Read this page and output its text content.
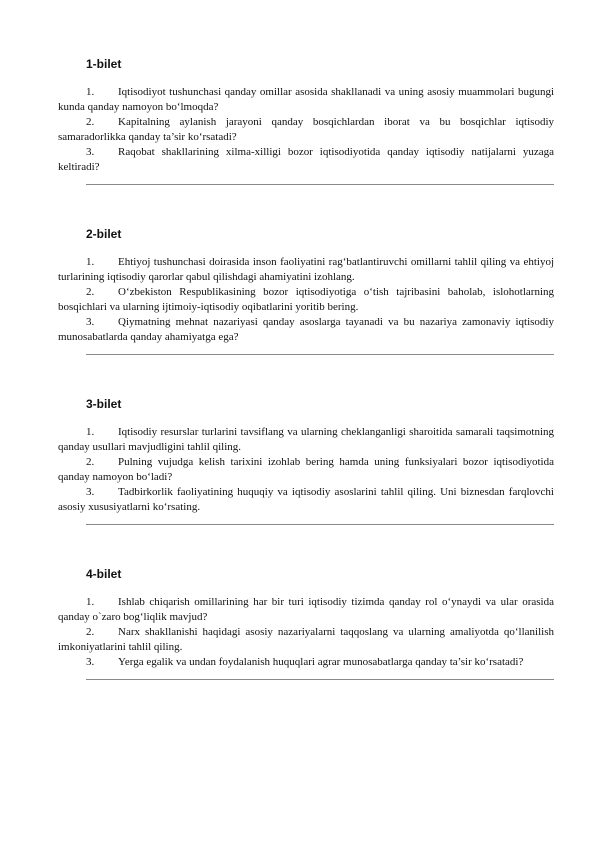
1-bilet

1. Iqtisodiyot tushunchasi qanday omillar asosida shakllanadi va uning asosiy muammolari bugungi kunda qanday namoyon bo‘lmoqda?

2. Kapitalning aylanish jarayoni qanday bosqichlardan iborat va bu bosqichlar iqtisodiy samaradorlikka qanday ta’sir ko‘rsatadi?

3. Raqobat shakllarining xilma-xilligi bozor iqtisodiyotida qanday iqtisodiy natijalarni yuzaga keltiradi?

2-bilet

1. Ehtiyoj tushunchasi doirasida inson faoliyatini rag‘batlantiruvchi omillarni tahlil qiling va ehtiyoj turlarining iqtisodiy qarorlar qabul qilishdagi ahamiyatini izohlang.

2. O‘zbekiston Respublikasining bozor iqtisodiyotiga o‘tish tajribasini baholab, islohotlarning bosqichlari va ularning ijtimoiy-iqtisodiy oqibatlarini yoritib bering.

3. Qiymatning mehnat nazariyasi qanday asoslarga tayanadi va bu nazariya zamonaviy iqtisodiy munosabatlarda qanday ahamiyatga ega?

3-bilet

1. Iqtisodiy resurslar turlarini tavsiflang va ularning cheklanganligi sharoitida samarali taqsimotning qanday usullari mavjudligini tahlil qiling.

2. Pulning vujudga kelish tarixini izohlab bering hamda uning funksiyalari bozor iqtisodiyotida qanday namoyon bo‘ladi?

3. Tadbirkorlik faoliyatining huquqiy va iqtisodiy asoslarini tahlil qiling. Uni biznesdan farqlovchi asosiy xususiyatlarni ko‘rsating.

4-bilet

1. Ishlab chiqarish omillarining har bir turi iqtisodiy tizimda qanday rol o‘ynaydi va ular orasida qanday o`zaro bog‘liqlik mavjud?

2. Narx shakllanishi haqidagi asosiy nazariyalarni taqqoslang va ularning amaliyotda qo‘llanilish imkoniyatlarini tahlil qiling.

3. Yerga egalik va undan foydalanish huquqlari agrar munosabatlarga qanday ta’sir ko‘rsatadi?
